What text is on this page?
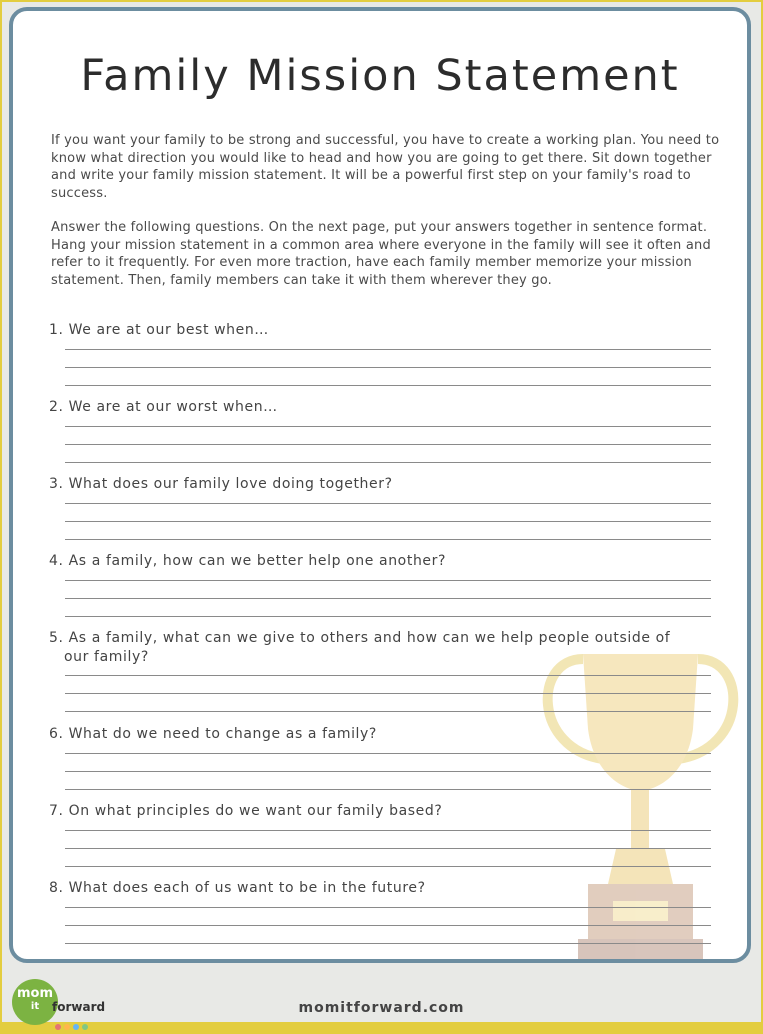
Family Mission Statement

If you want your family to be strong and successful, you have to create a working plan. You need to know what direction you would like to head and how you are going to get there. Sit down together and write your family mission statement. It will be a powerful first step on your family's road to success.

Answer the following questions. On the next page, put your answers together in sentence format. Hang your mission statement in a common area where everyone in the family will see it often and refer to it frequently. For even more traction, have each family member memorize your mission statement. Then, family members can take it with them wherever they go.

1. We are at our best when…

2. We are at our worst when…

3. What does our family love doing together?

4. As a family, how can we better help one another?

5. As a family, what can we give to others and how can we help people outside of
our family?

6. What do we need to change as a family?

7. On what principles do we want our family based?

8. What does each of us want to be in the future?

mom
it	forward	momitforward.com
